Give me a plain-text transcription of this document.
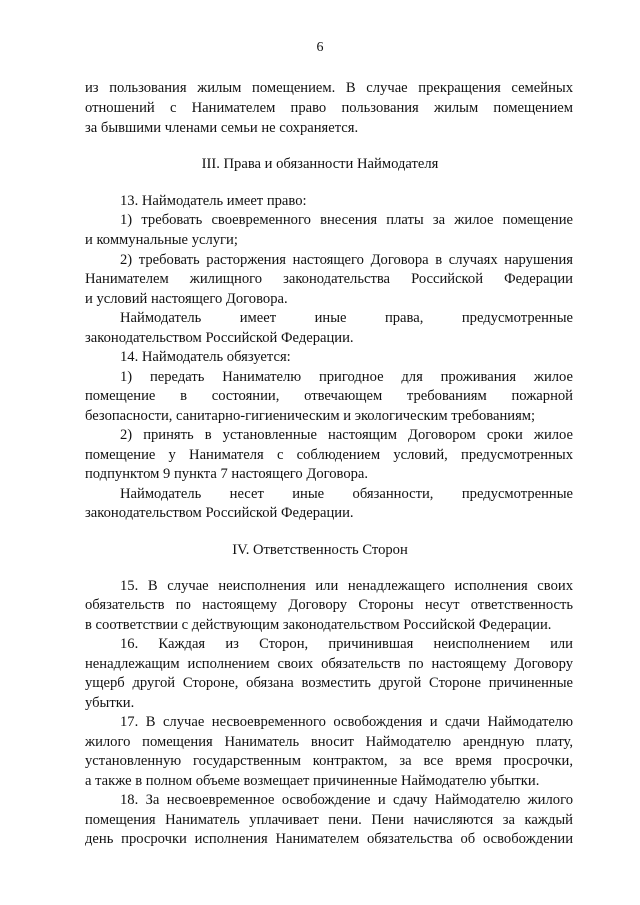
6
из пользования жилым помещением. В случае прекращения семейных
отношений с Нанимателем право пользования жилым помещением
за бывшими членами семьи не сохраняется.
III. Права и обязанности Наймодателя
13. Наймодатель имеет право:
1) требовать своевременного внесения платы за жилое помещение
и коммунальные услуги;
2) требовать расторжения настоящего Договора в случаях нарушения
Нанимателем жилищного законодательства Российской Федерации
и условий настоящего Договора.
Наймодатель имеет иные права, предусмотренные
законодательством Российской Федерации.
14. Наймодатель обязуется:
1) передать Нанимателю пригодное для проживания жилое
помещение в состоянии, отвечающем требованиям пожарной
безопасности, санитарно-гигиеническим и экологическим требованиям;
2) принять в установленные настоящим Договором сроки жилое
помещение у Нанимателя с соблюдением условий, предусмотренных
подпунктом 9 пункта 7 настоящего Договора.
Наймодатель несет иные обязанности, предусмотренные
законодательством Российской Федерации.
IV. Ответственность Сторон
15. В случае неисполнения или ненадлежащего исполнения своих
обязательств по настоящему Договору Стороны несут ответственность
в соответствии с действующим законодательством Российской Федерации.
16. Каждая из Сторон, причинившая неисполнением или
ненадлежащим исполнением своих обязательств по настоящему Договору
ущерб другой Стороне, обязана возместить другой Стороне причиненные
убытки.
17. В случае несвоевременного освобождения и сдачи Наймодателю
жилого помещения Наниматель вносит Наймодателю арендную плату,
установленную государственным контрактом, за все время просрочки,
а также в полном объеме возмещает причиненные Наймодателю убытки.
18. За несвоевременное освобождение и сдачу Наймодателю жилого
помещения Наниматель уплачивает пени. Пени начисляются за каждый
день просрочки исполнения Нанимателем обязательства об освобождении
